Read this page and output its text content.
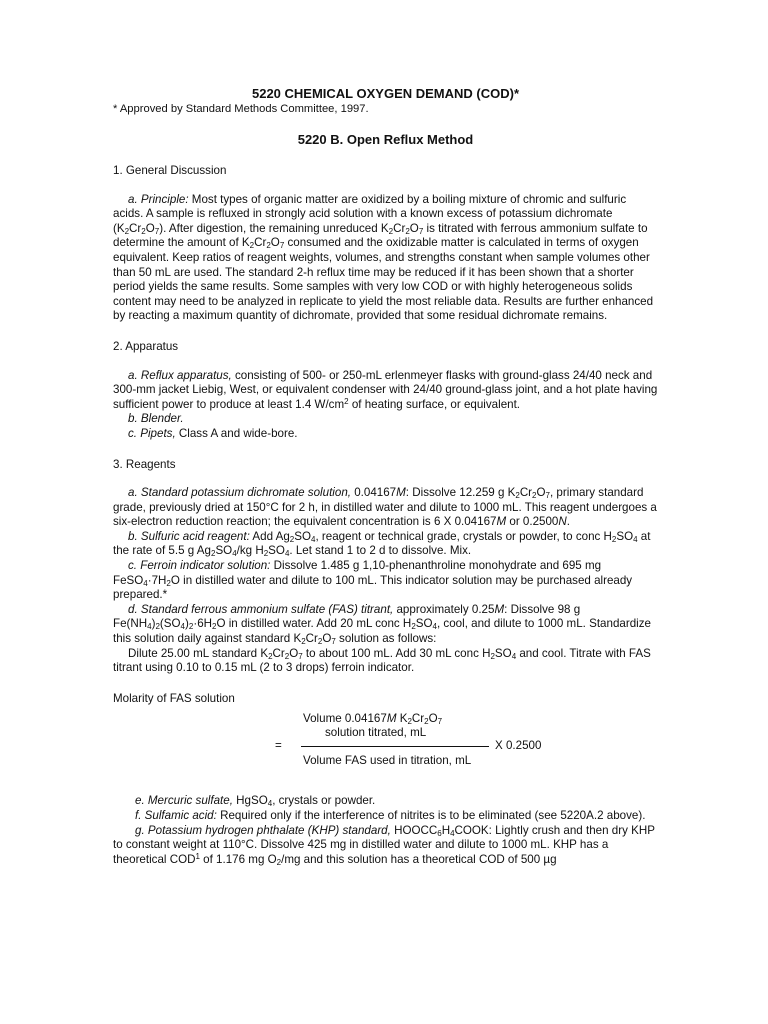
5220 CHEMICAL OXYGEN DEMAND (COD)*

* Approved by Standard Methods Committee, 1997.

5220 B. Open Reflux Method

1. General Discussion

a. Principle: Most types of organic matter are oxidized by a boiling mixture of chromic and sulfuric acids. A sample is refluxed in strongly acid solution with a known excess of potassium dichromate $(K_2Cr_2O_7)$. After digestion, the remaining unreduced $K_2Cr_2O_7$ is titrated with ferrous ammonium sulfate to determine the amount of $K_2Cr_2O_7$ consumed and the oxidizable matter is calculated in terms of oxygen equivalent. Keep ratios of reagent weights, volumes, and strengths constant when sample volumes other than 50 mL are used. The standard 2-h reflux time may be reduced if it has been shown that a shorter period yields the same results. Some samples with very low COD or with highly heterogeneous solids content may need to be analyzed in replicate to yield the most reliable data. Results are further enhanced by reacting a maximum quantity of dichromate, provided that some residual dichromate remains.

2. Apparatus

a. Reflux apparatus, consisting of 500- or 250-mL erlenmeyer flasks with ground-glass 24/40 neck and 300-mm jacket Liebig, West, or equivalent condenser with 24/40 ground-glass joint, and a hot plate having sufficient power to produce at least 1.4 $W/cm^2$ of heating surface, or equivalent.

b. Blender.

c. Pipets, Class A and wide-bore.

3. Reagents

a. Standard potassium dichromate solution, 0.04167M: Dissolve 12.259 g $K_2Cr_2O_7$, primary standard grade, previously dried at 150°C for 2 h, in distilled water and dilute to 1000 mL. This reagent undergoes a six-electron reduction reaction; the equivalent concentration is 6 X 0.04167M or 0.2500N.

b. Sulfuric acid reagent: Add $Ag_2SO_4$, reagent or technical grade, crystals or powder, to conc $H_2SO_4$ at the rate of 5.5 g $Ag_2SO_4/kg$ $H_2SO_4$. Let stand 1 to 2 d to dissolve. Mix.

c. Ferroin indicator solution: Dissolve 1.485 g 1,10-phenanthroline monohydrate and 695 mg $FeSO_4\cdot 7H_2O$ in distilled water and dilute to 100 mL. This indicator solution may be purchased already prepared.*

d. Standard ferrous ammonium sulfate (FAS) titrant, approximately 0.25M: Dissolve 98 g $Fe(NH_4)_2(SO_4)_2\cdot 6H_2O$ in distilled water. Add 20 mL conc $H_2SO_4$, cool, and dilute to 1000 mL. Standardize this solution daily against standard $K_2Cr_2O_7$ solution as follows:

Dilute 25.00 mL standard $K_2Cr_2O_7$ to about 100 mL. Add 30 mL conc $H_2SO_4$ and cool. Titrate with FAS titrant using 0.10 to 0.15 mL (2 to 3 drops) ferroin indicator.

Molarity of FAS solution

Volume 0.04167M $K_2Cr_2O_7$
solution titrated, mL
=	X 0.2500
Volume FAS used in titration, mL

e. Mercuric sulfate, HgSO$_4$, crystals or powder.

f. Sulfamic acid: Required only if the interference of nitrites is to be eliminated (see 5220A.2 above).

g. Potassium hydrogen phthalate (KHP) standard, $HOOCC_6H_4COOK$: Lightly crush and then dry KHP to constant weight at 110°C. Dissolve 425 mg in distilled water and dilute to 1000 mL. KHP has a theoretical COD$^1$ of 1.176 mg $O_2/mg$ and this solution has a theoretical COD of 500 µg
